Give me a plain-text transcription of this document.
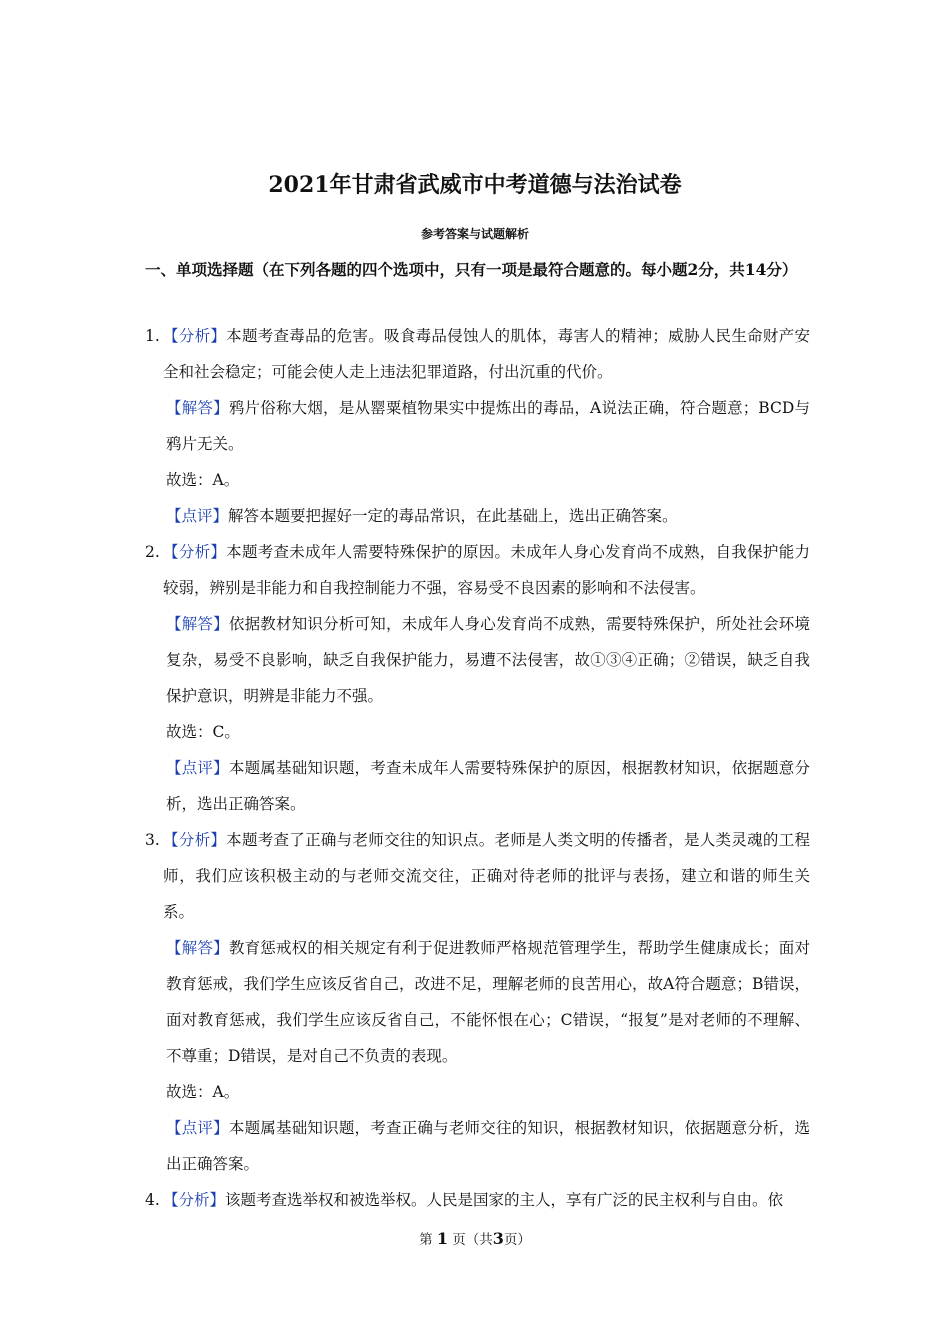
2021年甘肃省武威市中考道德与法治试卷
参考答案与试题解析
一、单项选择题（在下列各题的四个选项中，只有一项是最符合题意的。每小题2分，共14分）
1. 【分析】本题考查毒品的危害。吸食毒品侵蚀人的肌体，毒害人的精神；威胁人民生命财产安全和社会稳定；可能会使人走上违法犯罪道路，付出沉重的代价。
【解答】鸦片俗称大烟，是从罂粟植物果实中提炼出的毒品，A说法正确，符合题意；BCD与鸦片无关。
故选：A。
【点评】解答本题要把握好一定的毒品常识，在此基础上，选出正确答案。
2. 【分析】本题考查未成年人需要特殊保护的原因。未成年人身心发育尚不成熟，自我保护能力较弱，辨别是非能力和自我控制能力不强，容易受不良因素的影响和不法侵害。
【解答】依据教材知识分析可知，未成年人身心发育尚不成熟，需要特殊保护，所处社会环境复杂，易受不良影响，缺乏自我保护能力，易遭不法侵害，故①③④正确；②错误，缺乏自我保护意识，明辨是非能力不强。
故选：C。
【点评】本题属基础知识题，考查未成年人需要特殊保护的原因，根据教材知识，依据题意分析，选出正确答案。
3. 【分析】本题考查了正确与老师交往的知识点。老师是人类文明的传播者，是人类灵魂的工程师，我们应该积极主动的与老师交流交往，正确对待老师的批评与表扬，建立和谐的师生关系。
【解答】教育惩戒权的相关规定有利于促进教师严格规范管理学生，帮助学生健康成长；面对教育惩戒，我们学生应该反省自己，改进不足，理解老师的良苦用心，故A符合题意；B错误，面对教育惩戒，我们学生应该反省自己，不能怀恨在心；C错误，“报复”是对老师的不理解、不尊重；D错误，是对自己不负责的表现。
故选：A。
【点评】本题属基础知识题，考查正确与老师交往的知识，根据教材知识，依据题意分析，选出正确答案。
4. 【分析】该题考查选举权和被选举权。人民是国家的主人，享有广泛的民主权利与自由。依
第 1 页（共3页）
